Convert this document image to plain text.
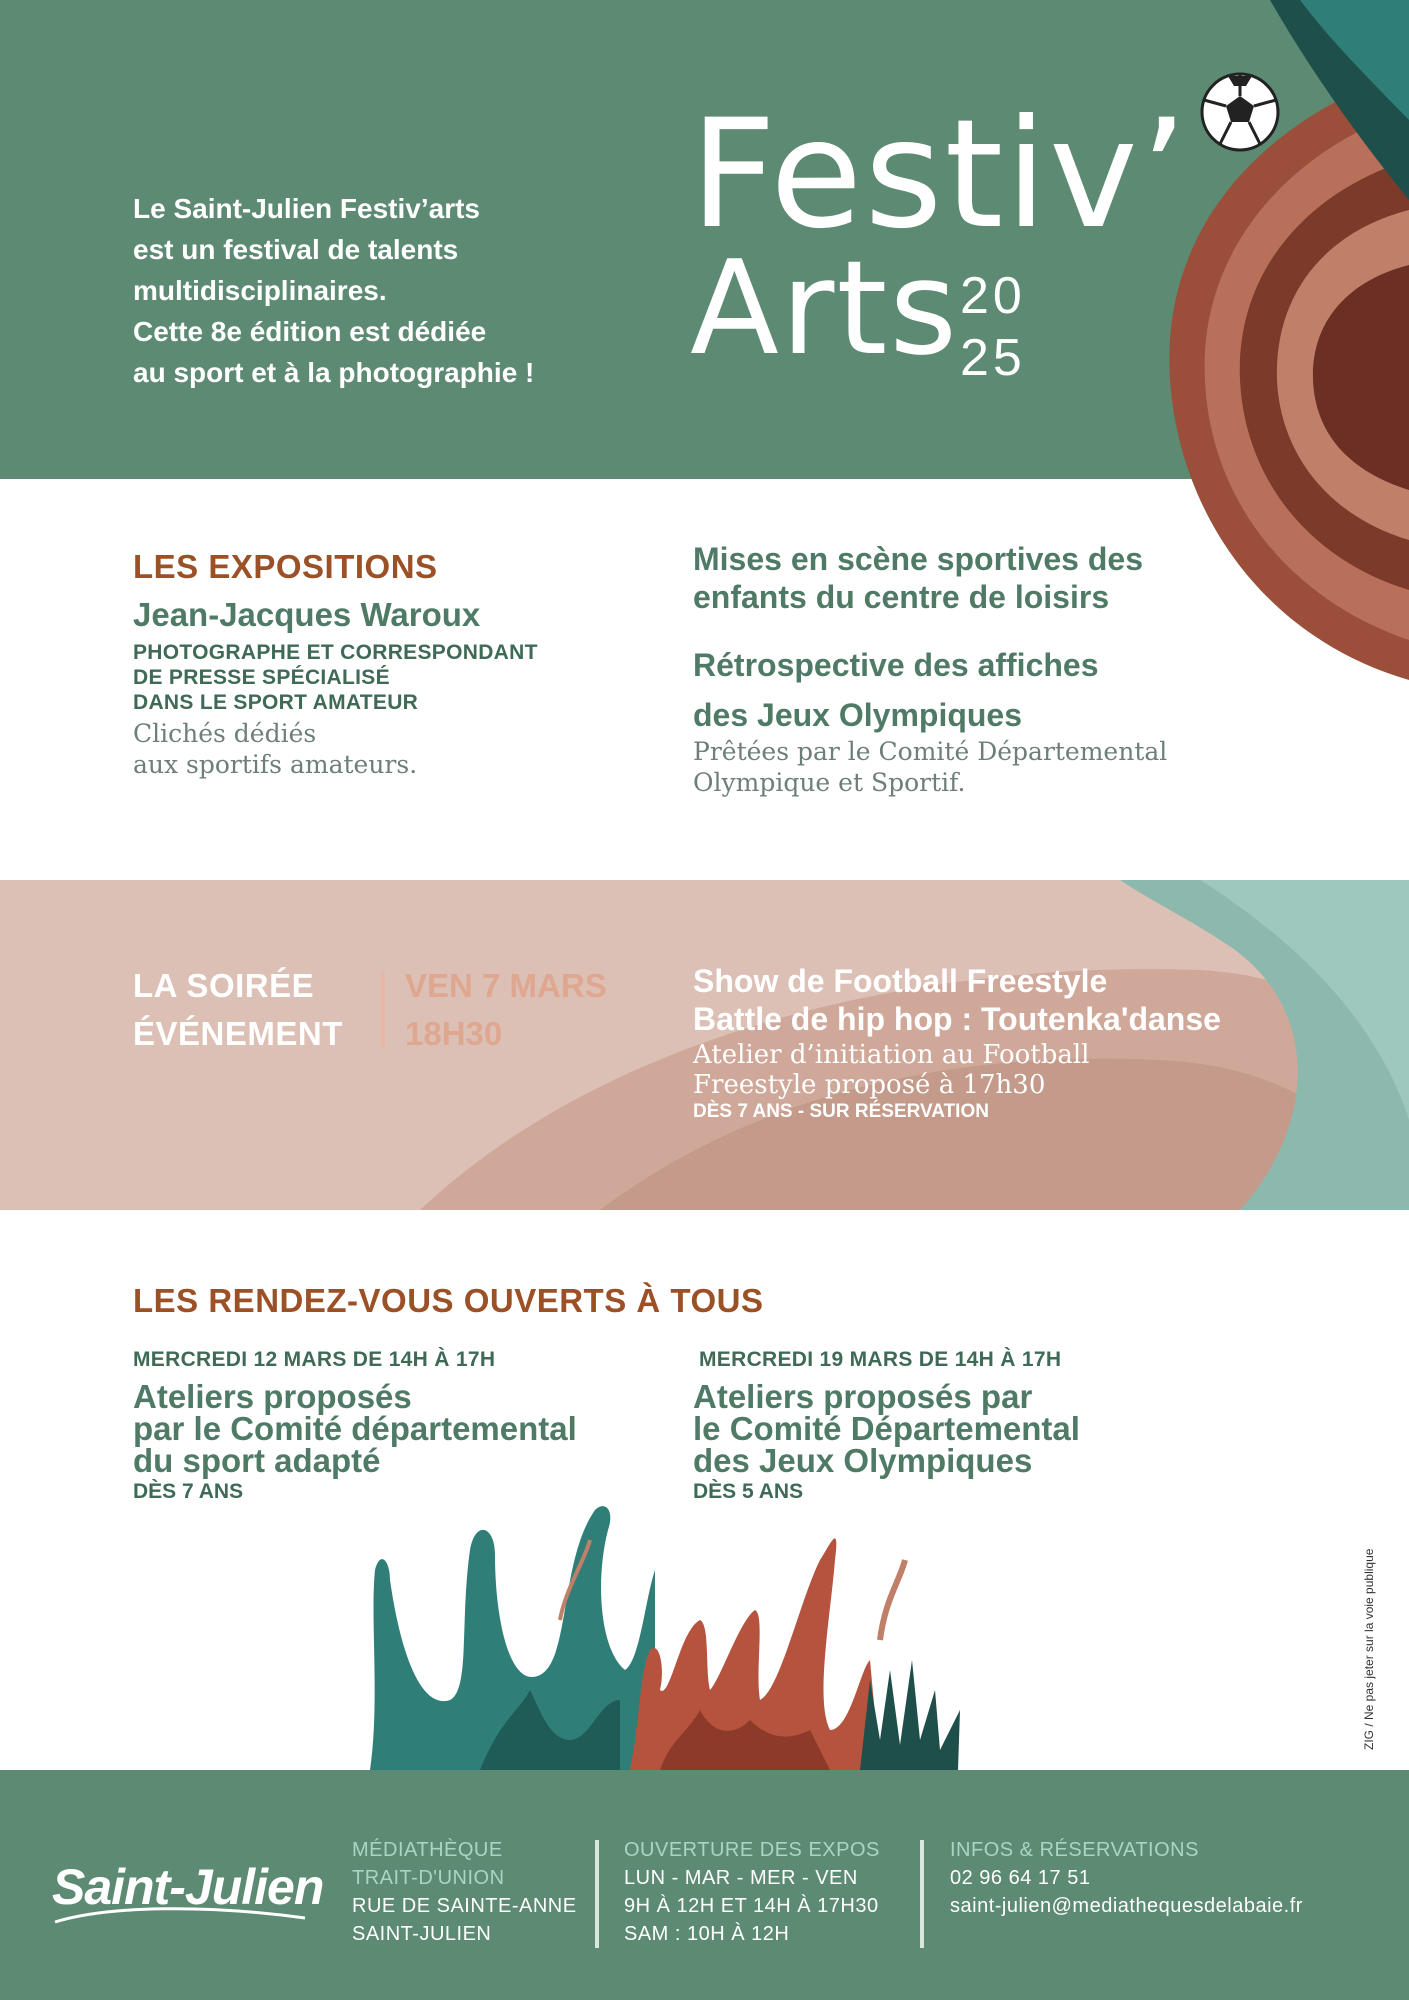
Le Saint-Julien Festiv’arts
est un festival de talents
multidisciplinaires.
Cette 8e édition est dédiée
au sport et à la photographie !
Festiv’
Arts 20
25
LES EXPOSITIONS
Jean-Jacques Waroux
PHOTOGRAPHE ET CORRESPONDANT
DE PRESSE SPÉCIALISÉ
DANS LE SPORT AMATEUR
Clichés dédiés
aux sportifs amateurs.
Mises en scène sportives des
enfants du centre de loisirs
Rétrospective des affiches
des Jeux Olympiques
Prêtées par le Comité Départemental
Olympique et Sportif.
LA SOIRÉE
ÉVÉNEMENT
VEN 7 MARS
18H30
Show de Football Freestyle
Battle de hip hop : Toutenka'danse
Atelier d’initiation au Football
Freestyle proposé à 17h30
DÈS 7 ANS - SUR RÉSERVATION
LES RENDEZ-VOUS OUVERTS À TOUS
MERCREDI 12 MARS DE 14H À 17H
Ateliers proposés
par le Comité départemental
du sport adapté
DÈS 7 ANS
MERCREDI 19 MARS DE 14H À 17H
Ateliers proposés par
le Comité Départemental
des Jeux Olympiques
DÈS 5 ANS
ZIG / Ne pas jeter sur la voie publique
Saint-Julien
MÉDIATHÈQUE
TRAIT-D'UNION
RUE DE SAINTE-ANNE
SAINT-JULIEN
OUVERTURE DES EXPOS
LUN - MAR - MER - VEN
9H À 12H ET 14H À 17H30
SAM : 10H À 12H
INFOS & RÉSERVATIONS
02 96 64 17 51
saint-julien@mediathequesdelabaie.fr
